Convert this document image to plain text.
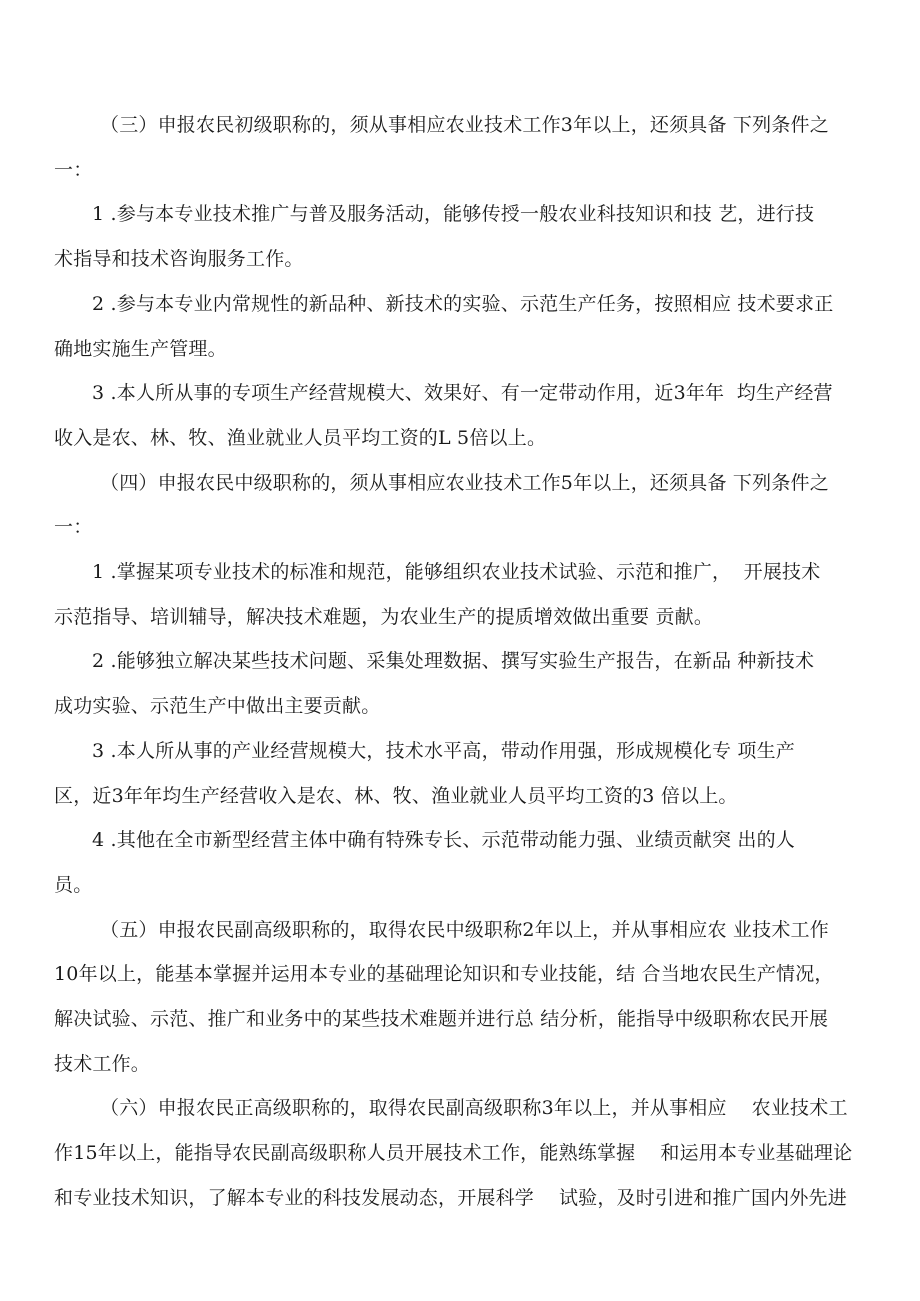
（三）申报农民初级职称的，须从事相应农业技术工作3年以上，还须具备 下列条件之
一：

1 .参与本专业技术推广与普及服务活动，能够传授一般农业科技知识和技 艺，进行技
术指导和技术咨询服务工作。

2 .参与本专业内常规性的新品种、新技术的实验、示范生产任务，按照相应 技术要求正
确地实施生产管理。

3 .本人所从事的专项生产经营规模大、效果好、有一定带动作用，近3年年  均生产经营
收入是农、林、牧、渔业就业人员平均工资的L 5倍以上。

（四）申报农民中级职称的，须从事相应农业技术工作5年以上，还须具备 下列条件之
一：

1 .掌握某项专业技术的标准和规范，能够组织农业技术试验、示范和推广，  开展技术
示范指导、培训辅导，解决技术难题，为农业生产的提质增效做出重要 贡献。

2 .能够独立解决某些技术问题、采集处理数据、撰写实验生产报告，在新品 种新技术
成功实验、示范生产中做出主要贡献。

3 .本人所从事的产业经营规模大，技术水平高，带动作用强，形成规模化专 项生产
区，近3年年均生产经营收入是农、林、牧、渔业就业人员平均工资的3 倍以上。

4 .其他在全市新型经营主体中确有特殊专长、示范带动能力强、业绩贡献突 出的人
员。

（五）申报农民副高级职称的，取得农民中级职称2年以上，并从事相应农 业技术工作
10年以上，能基本掌握并运用本专业的基础理论知识和专业技能，结 合当地农民生产情况，
解决试验、示范、推广和业务中的某些技术难题并进行总 结分析，能指导中级职称农民开展
技术工作。

（六）申报农民正高级职称的，取得农民副高级职称3年以上，并从事相应    农业技术工
作15年以上，能指导农民副高级职称人员开展技术工作，能熟练掌握    和运用本专业基础理论
和专业技术知识，了解本专业的科技发展动态，开展科学    试验，及时引进和推广国内外先进
